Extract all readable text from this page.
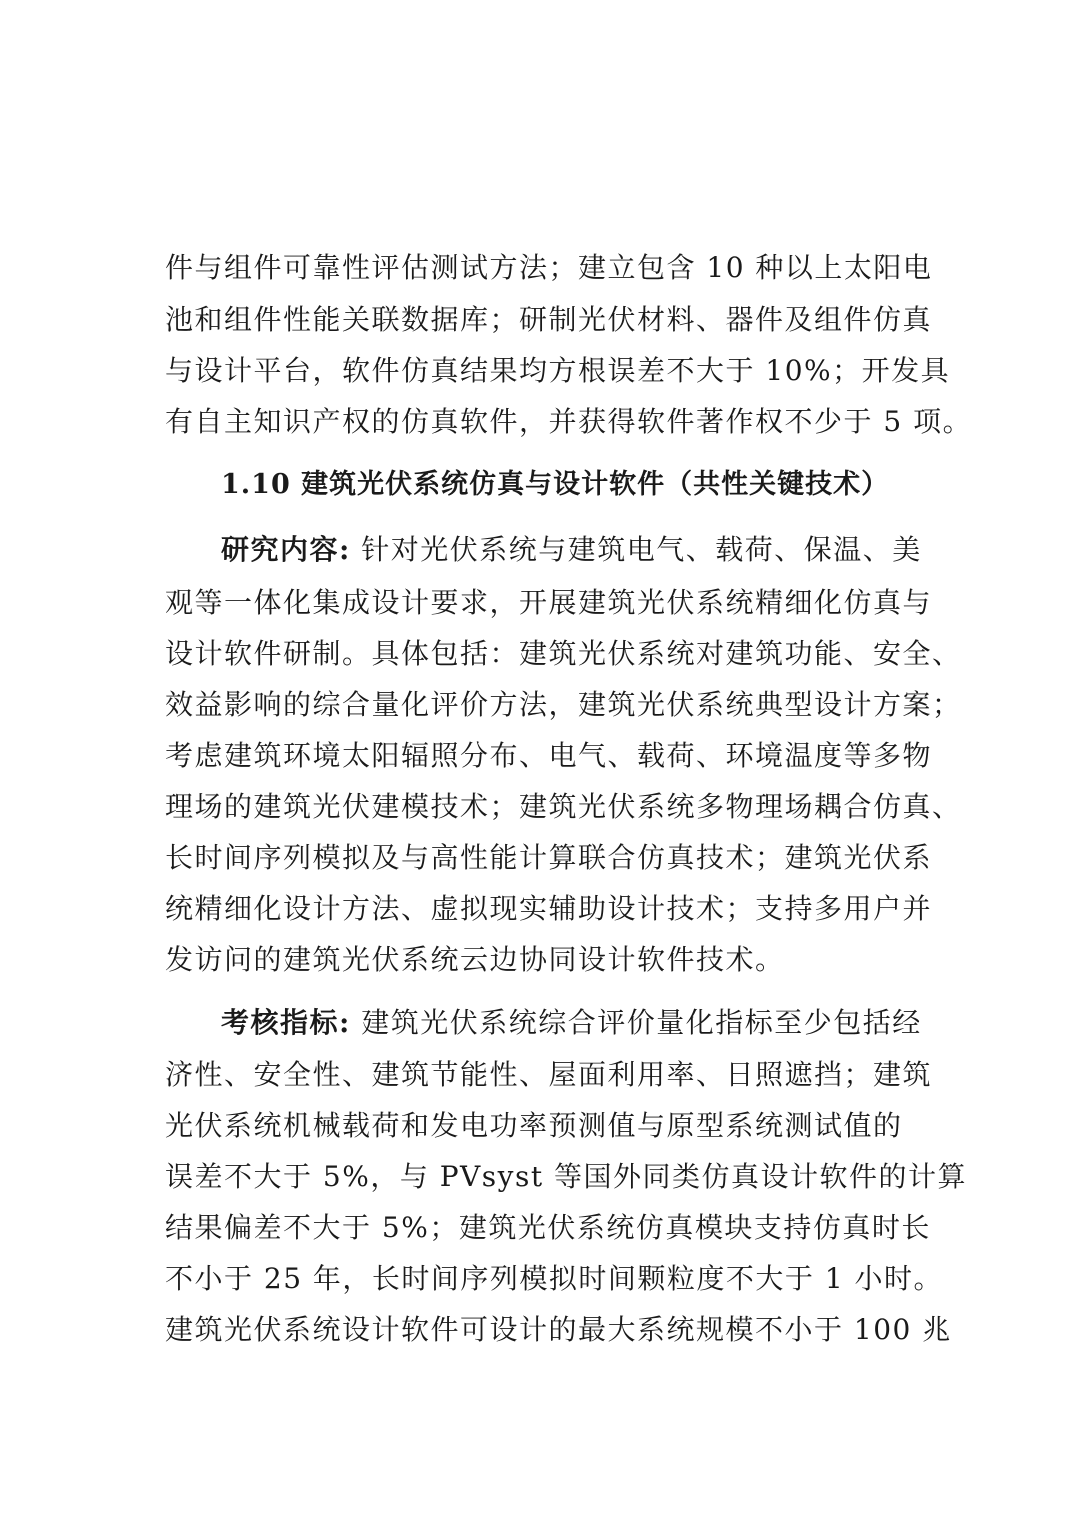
件与组件可靠性评估测试方法；建立包含 10 种以上太阳电
池和组件性能关联数据库；研制光伏材料、器件及组件仿真
与设计平台，软件仿真结果均方根误差不大于 10%；开发具
有自主知识产权的仿真软件，并获得软件著作权不少于 5 项。
1.10 建筑光伏系统仿真与设计软件（共性关键技术）
研究内容: 针对光伏系统与建筑电气、载荷、保温、美
观等一体化集成设计要求，开展建筑光伏系统精细化仿真与
设计软件研制。具体包括：建筑光伏系统对建筑功能、安全、
效益影响的综合量化评价方法，建筑光伏系统典型设计方案；
考虑建筑环境太阳辐照分布、电气、载荷、环境温度等多物
理场的建筑光伏建模技术；建筑光伏系统多物理场耦合仿真、
长时间序列模拟及与高性能计算联合仿真技术；建筑光伏系
统精细化设计方法、虚拟现实辅助设计技术；支持多用户并
发访问的建筑光伏系统云边协同设计软件技术。
考核指标: 建筑光伏系统综合评价量化指标至少包括经
济性、安全性、建筑节能性、屋面利用率、日照遮挡；建筑
光伏系统机械载荷和发电功率预测值与原型系统测试值的
误差不大于 5%，与 PVsyst 等国外同类仿真设计软件的计算
结果偏差不大于 5%；建筑光伏系统仿真模块支持仿真时长
不小于 25 年，长时间序列模拟时间颗粒度不大于 1 小时。
建筑光伏系统设计软件可设计的最大系统规模不小于 100 兆
